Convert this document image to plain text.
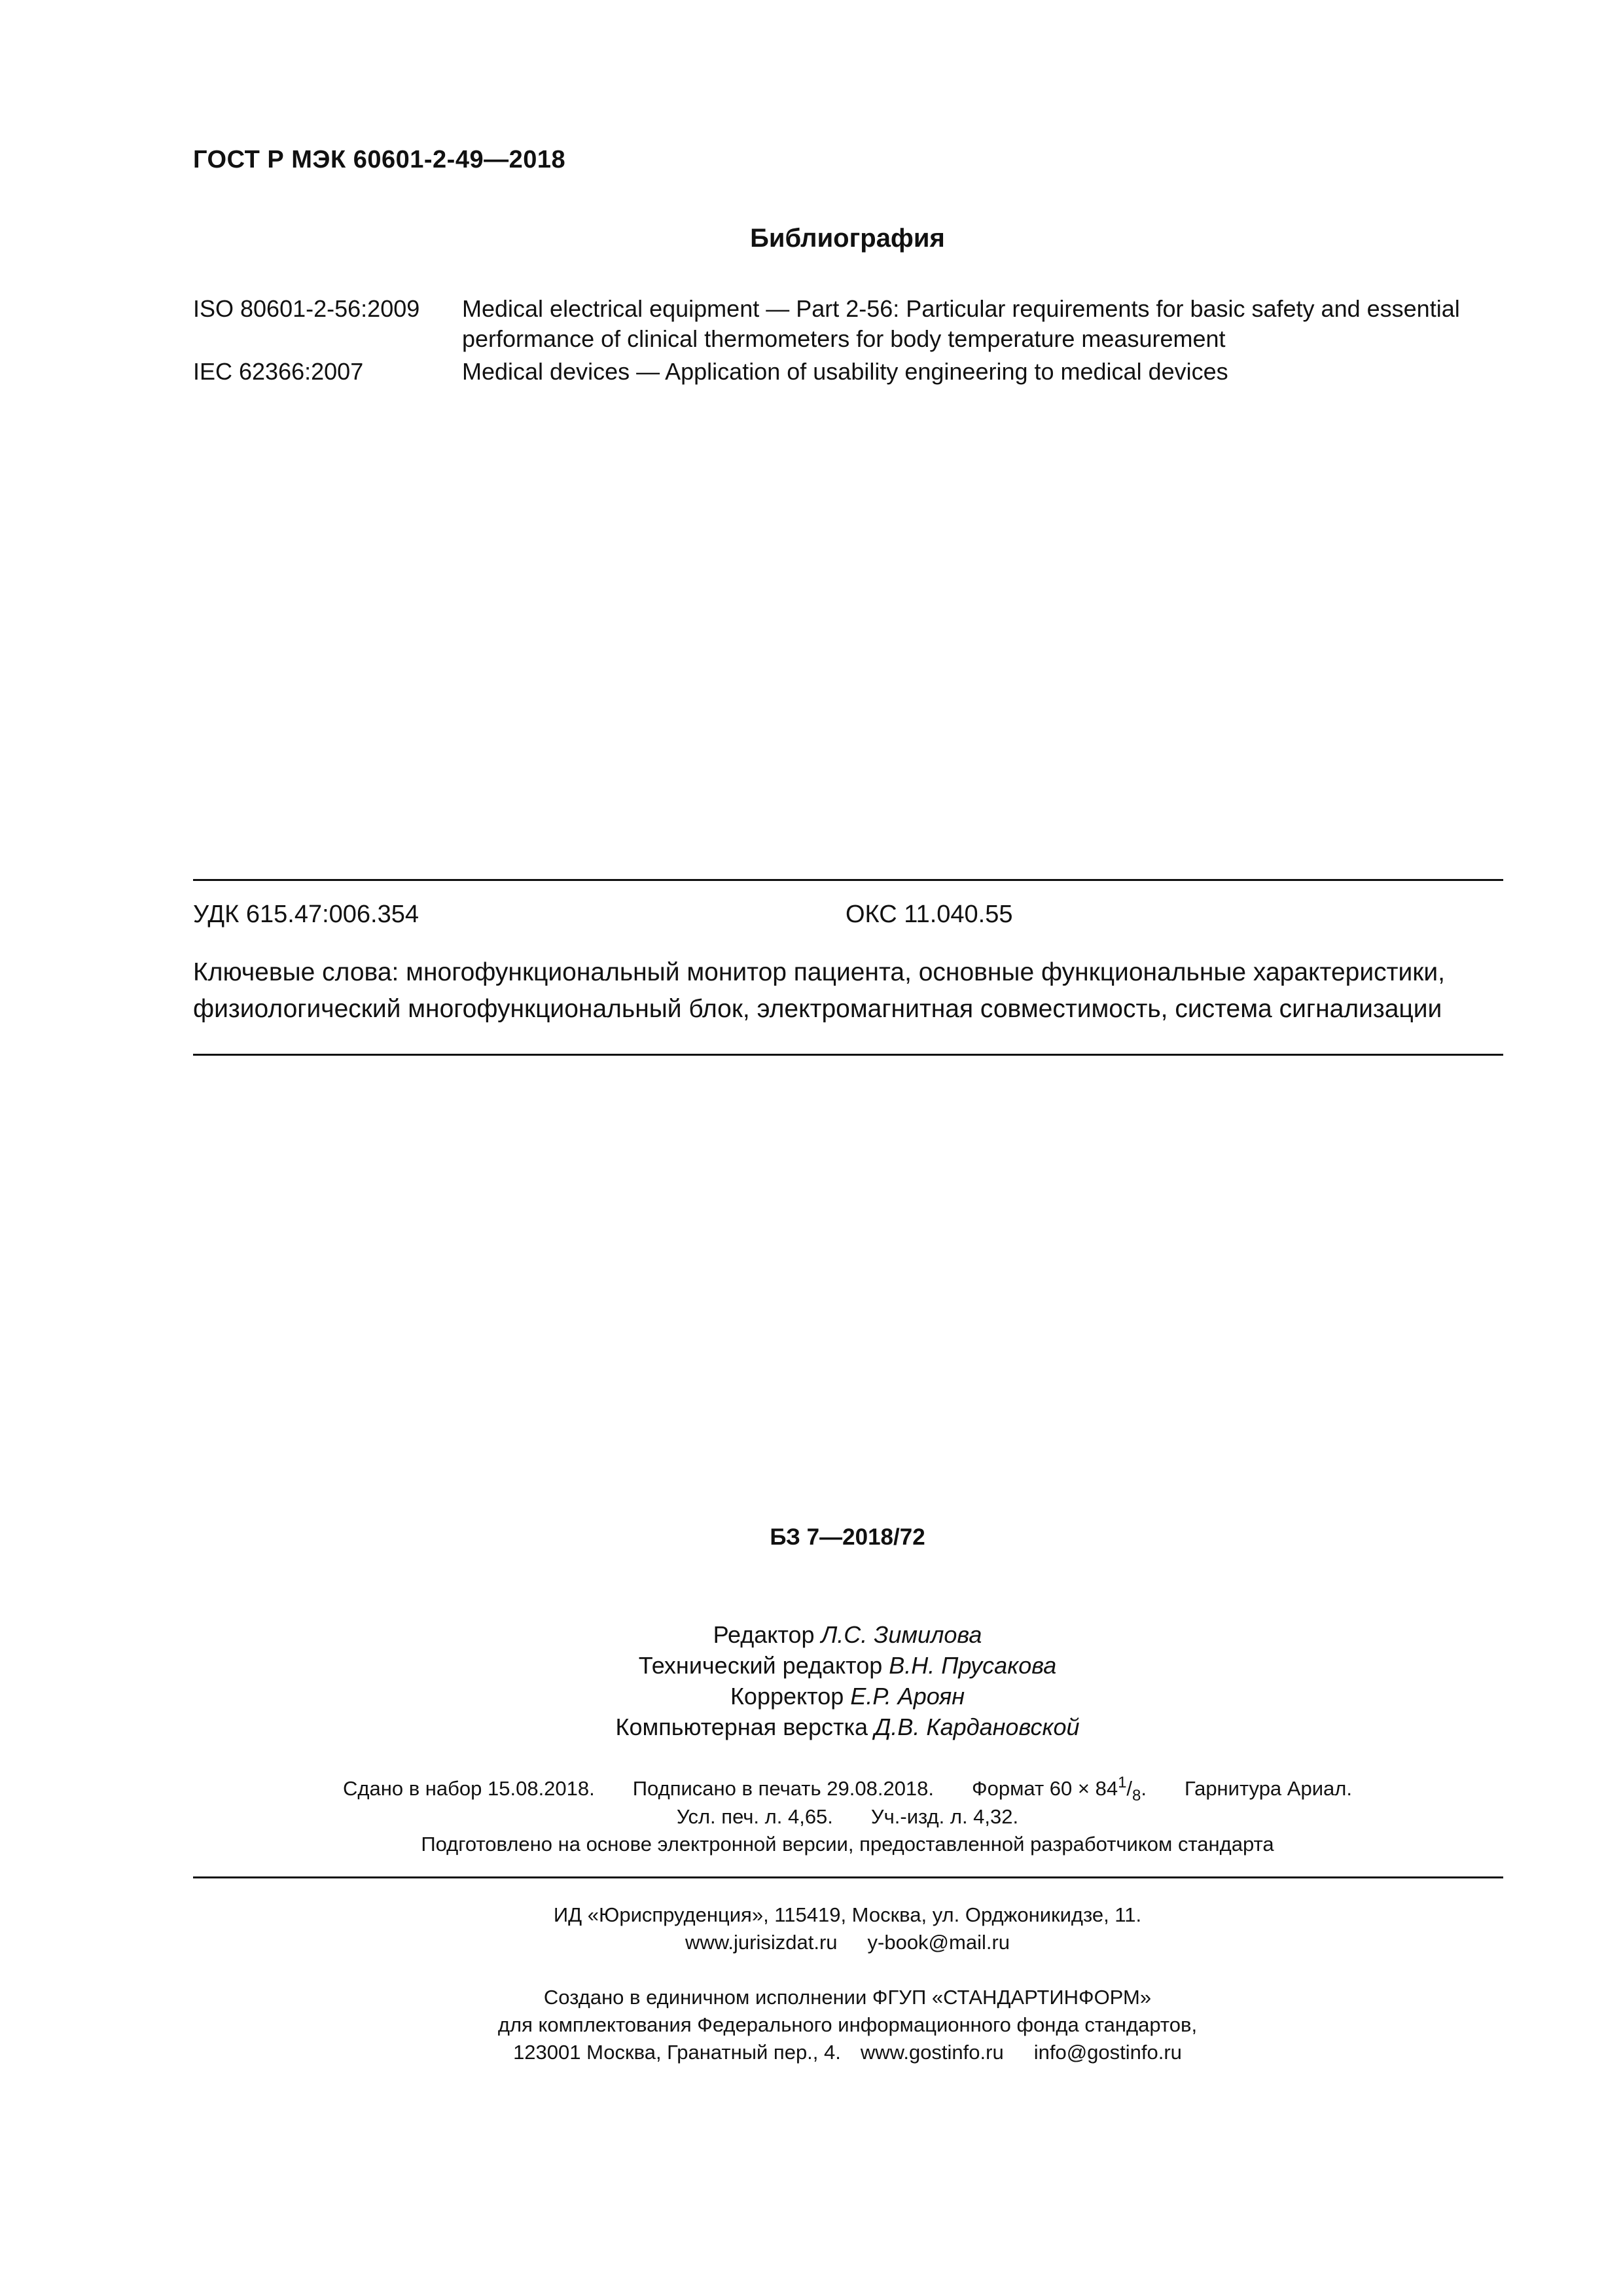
ГОСТ Р МЭК 60601-2-49—2018
Библиография
ISO 80601-2-56:2009	Medical electrical equipment — Part 2-56: Particular requirements for basic safety and essential
performance of clinical thermometers for body temperature measurement
IEC 62366:2007	Medical devices — Application of usability engineering to medical devices
УДК 615.47:006.354	ОКС 11.040.55
Ключевые слова: многофункциональный монитор пациента, основные функциональные характеристики,
физиологический многофункциональный блок, электромагнитная совместимость, система сигнализации
БЗ 7—2018/72
Редактор Л.С. Зимилова
Технический редактор В.Н. Прусакова
Корректор Е.Р. Ароян
Компьютерная верстка Д.В. Кардановской
Сдано в набор 15.08.2018. Подписано в печать 29.08.2018. Формат $60 \times 84^1/_8$. Гарнитура Ариал.
Усл. печ. л. 4,65. Уч.-изд. л. 4,32.
Подготовлено на основе электронной версии, предоставленной разработчиком стандарта
ИД «Юриспруденция», 115419, Москва, ул. Орджоникидзе, 11.
www.jurisizdat.ru y-book@mail.ru
Создано в единичном исполнении ФГУП «СТАНДАРТИНФОРМ»
для комплектования Федерального информационного фонда стандартов,
123001 Москва, Гранатный пер., 4. www.gostinfo.ru info@gostinfo.ru
